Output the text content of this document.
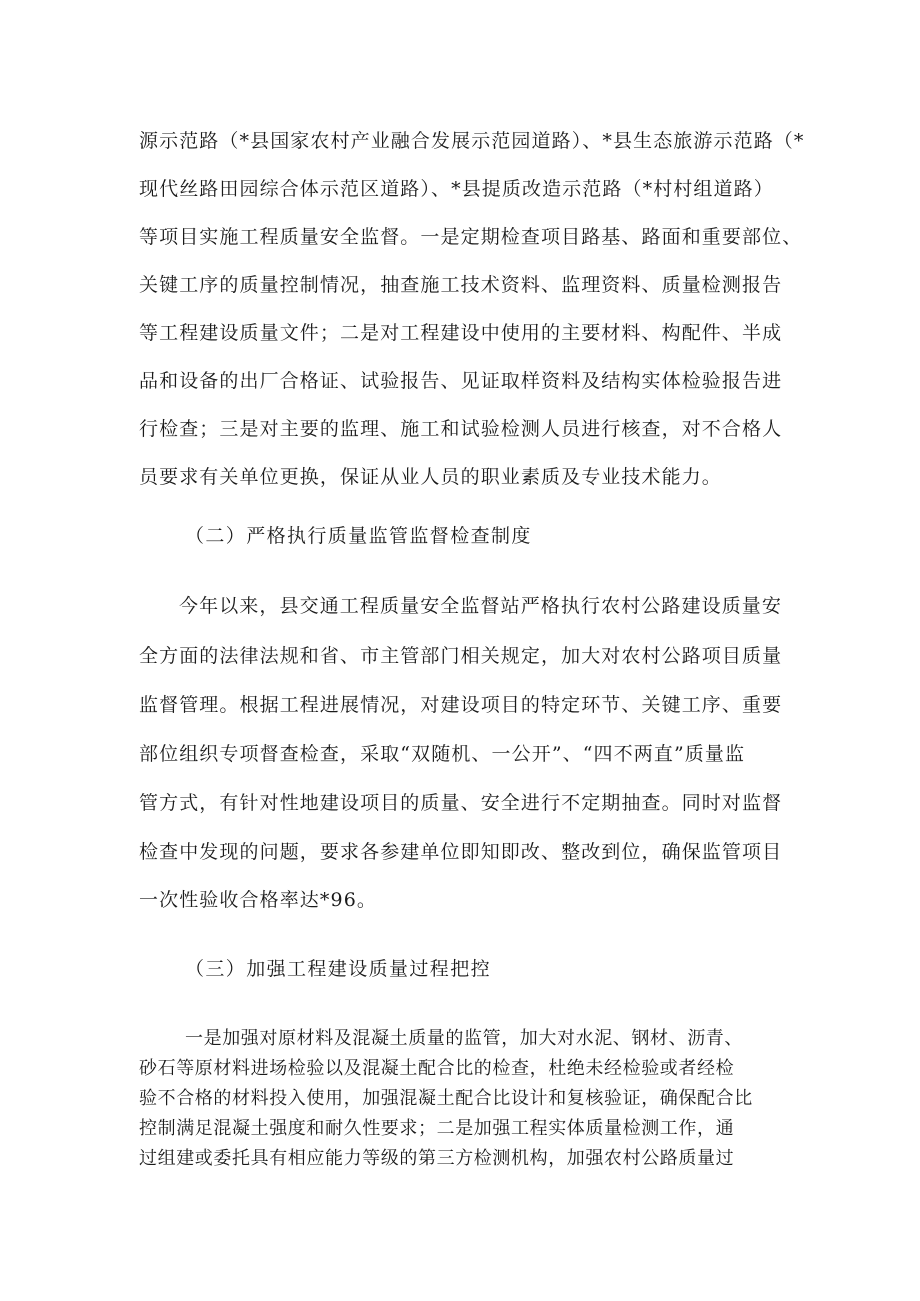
源示范路（*县国家农村产业融合发展示范园道路）、*县生态旅游示范路（*
现代丝路田园综合体示范区道路）、*县提质改造示范路（*村村组道路）
等项目实施工程质量安全监督。一是定期检查项目路基、路面和重要部位、
关键工序的质量控制情况，抽查施工技术资料、监理资料、质量检测报告
等工程建设质量文件；二是对工程建设中使用的主要材料、构配件、半成
品和设备的出厂合格证、试验报告、见证取样资料及结构实体检验报告进
行检查；三是对主要的监理、施工和试验检测人员进行核查，对不合格人
员要求有关单位更换，保证从业人员的职业素质及专业技术能力。
（二）严格执行质量监管监督检查制度
今年以来，县交通工程质量安全监督站严格执行农村公路建设质量安
全方面的法律法规和省、市主管部门相关规定，加大对农村公路项目质量
监督管理。根据工程进展情况，对建设项目的特定环节、关键工序、重要
部位组织专项督查检查，采取“双随机、一公开”、“四不两直”质量监
管方式，有针对性地建设项目的质量、安全进行不定期抽查。同时对监督
检查中发现的问题，要求各参建单位即知即改、整改到位，确保监管项目
一次性验收合格率达*96。
（三）加强工程建设质量过程把控
一是加强对原材料及混凝土质量的监管，加大对水泥、钢材、沥青、
砂石等原材料进场检验以及混凝土配合比的检查，杜绝未经检验或者经检
验不合格的材料投入使用，加强混凝土配合比设计和复核验证，确保配合比
控制满足混凝土强度和耐久性要求；二是加强工程实体质量检测工作，通
过组建或委托具有相应能力等级的第三方检测机构，加强农村公路质量过
